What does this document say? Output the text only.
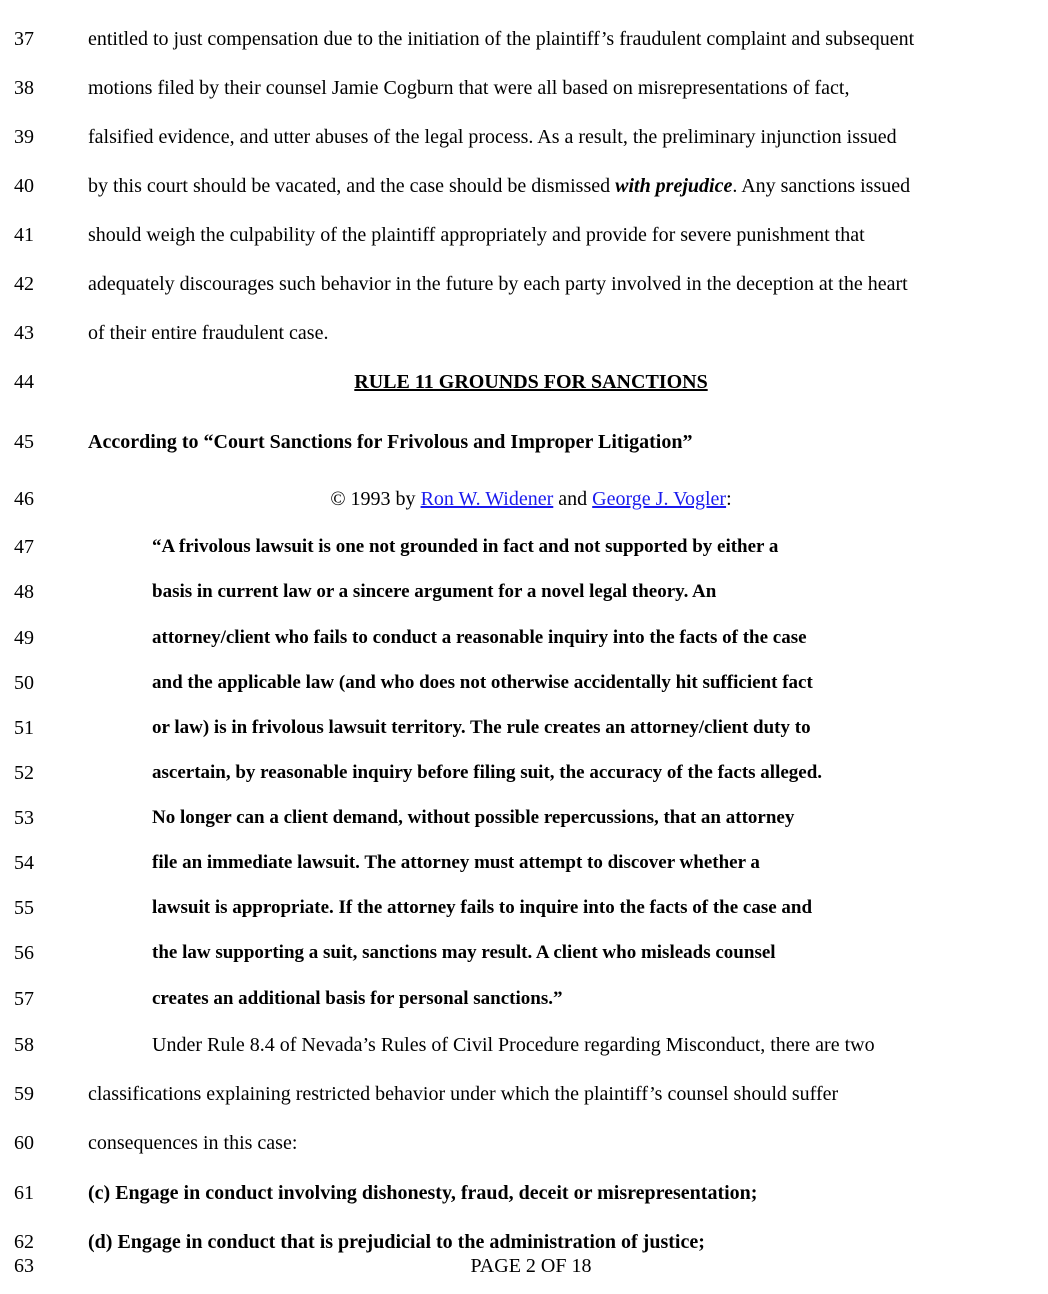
37	entitled to just compensation due to the initiation of the plaintiff’s fraudulent complaint and subsequent
38	motions filed by their counsel Jamie Cogburn that were all based on misrepresentations of fact,
39	falsified evidence, and utter abuses of the legal process. As a result, the preliminary injunction issued
40	by this court should be vacated, and the case should be dismissed with prejudice. Any sanctions issued
41	should weigh the culpability of the plaintiff appropriately and provide for severe punishment that
42	adequately discourages such behavior in the future by each party involved in the deception at the heart
43	of their entire fraudulent case.
44	RULE 11 GROUNDS FOR SANCTIONS
45	According to “Court Sanctions for Frivolous and Improper Litigation”
46	© 1993 by Ron W. Widener and George J. Vogler:
47	“A frivolous lawsuit is one not grounded in fact and not supported by either a
48	basis in current law or a sincere argument for a novel legal theory. An
49	attorney/client who fails to conduct a reasonable inquiry into the facts of the case
50	and the applicable law (and who does not otherwise accidentally hit sufficient fact
51	or law) is in frivolous lawsuit territory. The rule creates an attorney/client duty to
52	ascertain, by reasonable inquiry before filing suit, the accuracy of the facts alleged.
53	No longer can a client demand, without possible repercussions, that an attorney
54	file an immediate lawsuit. The attorney must attempt to discover whether a
55	lawsuit is appropriate. If the attorney fails to inquire into the facts of the case and
56	the law supporting a suit, sanctions may result. A client who misleads counsel
57	creates an additional basis for personal sanctions.”
58	Under Rule 8.4 of Nevada’s Rules of Civil Procedure regarding Misconduct, there are two
59	classifications explaining restricted behavior under which the plaintiff’s counsel should suffer
60	consequences in this case:
61	(c) Engage in conduct involving dishonesty, fraud, deceit or misrepresentation;
62	(d) Engage in conduct that is prejudicial to the administration of justice;
63	PAGE 2 OF 18
